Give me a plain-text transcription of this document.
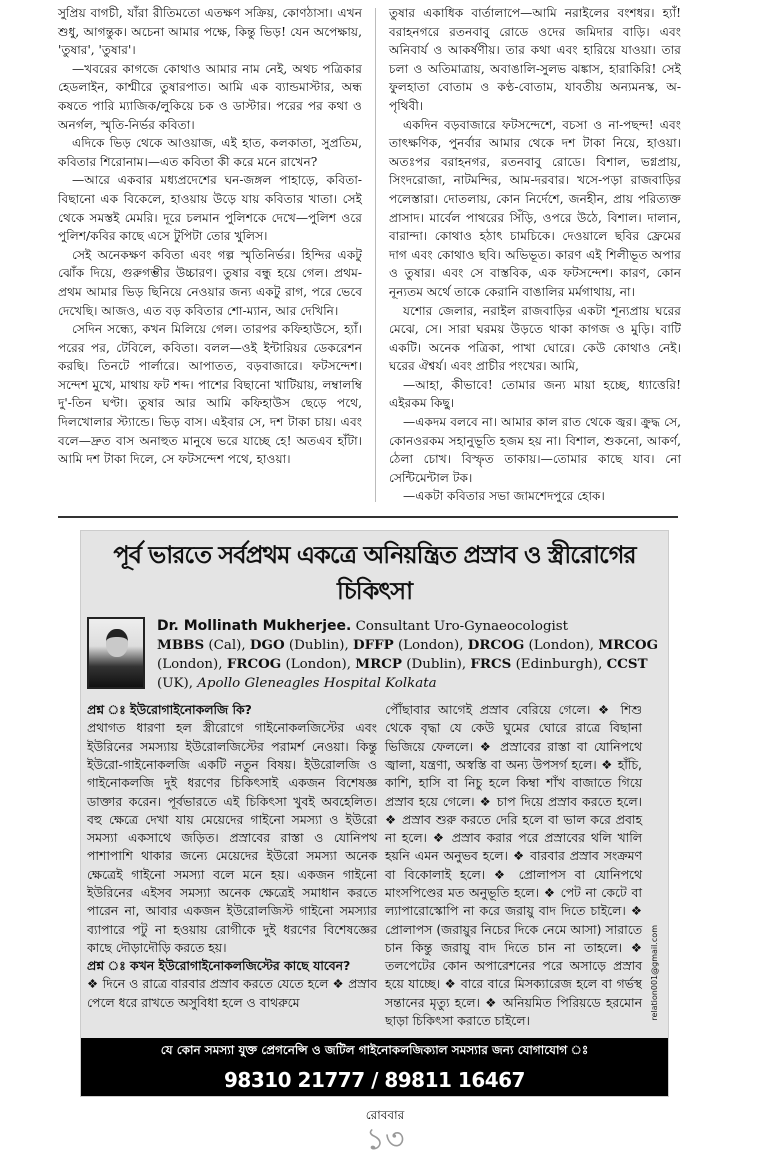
সুপ্রিয় বাগচী, যাঁরা রীতিমতো এতক্ষণ সক্রিয়, কোণঠাসা। এখন শুধু, আগন্তুক। অচেনা আমার পক্ষে, কিন্তু ভিড়! যেন অপেক্ষায়, 'তুষার', 'তুষার'।

—খবরের কাগজে কোথাও আমার নাম নেই, অথচ পত্রিকার হেডলাইন, কাশ্মীরে তুষারপাত। আমি এক ব্যান্ডমাস্টার, অন্ধ কষতে পারি ম্যাজিক/লুকিয়ে চক ও ডাস্টার। পরের পর কথা ও অনর্গল, স্মৃতি-নির্ভর কবিতা।

এদিকে ভিড় থেকে আওয়াজ, এই হাত, কলকাতা, সুপ্রতিম, কবিতার শিরোনাম।—এত কবিতা কী করে মনে রাখেন?

—আরে একবার মধ্যপ্রদেশের ঘন-জঙ্গল পাহাড়ে, কবিতা-বিছানো এক বিকেলে, হাওয়ায় উড়ে যায় কবিতার খাতা। সেই থেকে সমস্তই মেমরি। দূরে চলমান পুলিশকে দেখে—পুলিশ ওরে পুলিশ/কবির কাছে এসে টুপিটা তোর খুলিস।

সেই অনেকক্ষণ কবিতা এবং গল্প স্মৃতিনির্ভর। হিন্দির একটু ঝোঁক দিয়ে, গুরুগম্ভীর উচ্চারণ। তুষার বন্ধু হয়ে গেল। প্রথম-প্রথম আমার ভিড় ছিনিয়ে নেওয়ার জন্য একটু রাগ, পরে ভেবে দেখেছি। আজও, এত বড় কবিতার শো-ম্যান, আর দেখিনি।

সেদিন সন্ধ্যে, কখন মিলিয়ে গেল। তারপর কফিহাউসে, হ্যাঁ। পরের পর, টেবিলে, কবিতা। বলল—ওই ইন্টারিয়র ডেকরেশন করছি। তিনটে পার্লারে। আপাতত, বড়বাজারে। ফটসন্দেশ। সন্দেশ মুখে, মাথায় ফট শব্দ। পাশের বিছানো খাটিয়ায়, লম্বালম্বি দু'-তিন ঘণ্টা। তুষার আর আমি কফিহাউস ছেড়ে পথে, দিলখোলার স্ট্যান্ডে। ভিড় বাস। এইবার সে, দশ টাকা চায়। এবং বলে—দ্রুত বাস অনাহুত মানুষে ভরে যাচ্ছে হে! অতএব হাঁটা। আমি দশ টাকা দিলে, সে ফটসন্দেশ পথে, হাওয়া।

তুষার একাধিক বার্তালাপে—আমি নরাইলের বংশধর। হ্যাঁ! বরাহনগরে রতনবাবু রোডে ওদের জমিদার বাড়ি। এবং অনিবার্য ও আকর্ষণীয়। তার কথা এবং হারিয়ে যাওয়া। তার চলা ও অতিমাত্রায়, অবাঙালি-সুলভ ঝঙ্কাস, হারাকিরি! সেই ফুলহাতা বোতাম ও কণ্ঠ-বোতাম, যাবতীয় অন্যমনস্ক, অ-পৃথিবী।

একদিন বড়বাজারে ফটসন্দেশে, বচসা ও না-পছন্দ! এবং তাৎক্ষণিক, পুনর্বার আমার থেকে দশ টাকা নিয়ে, হাওয়া। অতঃপর বরাহনগর, রতনবাবু রোডে। বিশাল, ভগ্নপ্রায়, সিংদরোজা, নাটমন্দির, আম-দরবার। খসে-পড়া রাজবাড়ির পলেস্তারা। দোতলায়, কোন নির্দেশে, জনহীন, প্রায় পরিত্যক্ত প্রাসাদ। মার্বেল পাথরের সিঁড়ি, ওপরে উঠে, বিশাল। দালান, বারান্দা। কোথাও হঠাৎ চামচিকে। দেওয়ালে ছবির ফ্রেমের দাগ এবং কোথাও ছবি। অভিভূত। কারণ এই শিলীভূত অপার ও তুষার। এবং সে বাস্তবিক, এক ফটসন্দেশ। কারণ, কোন নূন্যতম অর্থে তাকে কেরানি বাঙালির মর্মগাথায়, না।

যশোর জেলার, নরাইল রাজবাড়ির একটা শূন্যপ্রায় ঘরের মেঝে, সে। সারা ঘরময় উড়তে থাকা কাগজ ও মুড়ি। বাটি একটি। অনেক পত্রিকা, পাখা ঘোরে। কেউ কোথাও নেই। ঘরের ঐশ্বর্য। এবং প্রাচীর পংখের। আমি,

—আহা, কীভাবে! তোমার জন্য মায়া হচ্ছে, ধ্যাত্তেরি! এইরকম কিছু।

—একদম বলবে না। আমার কাল রাত থেকে জ্বর। ক্রুদ্ধ সে, কোনওরকম সহানুভূতি হজম হয় না। বিশাল, শুকনো, আকর্ণ, ঠেলা চোখ। বিস্ফৃত তাকায়।—তোমার কাছে যাব। নো সেন্টিমেন্টাল টক।

—একটা কবিতার সভা জামশেদপুরে হোক।

পূর্ব ভারতে সর্বপ্রথম একত্রে অনিয়ন্ত্রিত প্রস্রাব ও স্ত্রীরোগের চিকিৎসা
Dr. Mollinath Mukherjee. Consultant Uro-Gynaeocologist
MBBS (Cal), DGO (Dublin), DFFP (London), DRCOG (London), MRCOG (London), FRCOG (London), MRCP (Dublin), FRCS (Edinburgh), CCST (UK), Apollo Gleneagles Hospital Kolkata
প্রশ্ন ঃ ইউরোগাইনোকলজি কি?

প্রথাগত ধারণা হল স্ত্রীরোগে গাইনোকলজিস্টের এবং ইউরিনের সমস্যায় ইউরোলজিস্টের পরামর্শ নেওয়া। কিন্তু ইউরো-গাইনোকলজি একটি নতুন বিষয়। ইউরোলজি ও গাইনোকলজি দুই ধরণের চিকিৎসাই একজন বিশেষজ্ঞ ডাক্তার করেন। পূর্বভারতে এই চিকিৎসা খুবই অবহেলিত। বহু ক্ষেত্রে দেখা যায় মেয়েদের গাইনো সমস্যা ও ইউরো সমস্যা একসাথে জড়িত। প্রস্রাবের রাস্তা ও যোনিপথ পাশাপাশি থাকার জন্যে মেয়েদের ইউরো সমস্যা অনেক ক্ষেত্রেই গাইনো সমস্যা বলে মনে হয়। একজন গাইনো ইউরিনের এইসব সমস্যা অনেক ক্ষেত্রেই সমাধান করতে পারেন না, আবার একজন ইউরোলজিস্ট গাইনো সমস্যার ব্যাপারে পটু না হওয়ায় রোগীকে দুই ধরণের বিশেষজ্ঞের কাছে দৌড়াদৌড়ি করতে হয়।

প্রশ্ন ঃ কখন ইউরোগাইনোকলজিস্টের কাছে যাবেন?

❖ দিনে ও রাত্রে বারবার প্রস্রাব করতে যেতে হলে ❖ প্রস্রাব পেলে ধরে রাখতে অসুবিধা হলে ও বাথরুমে

পৌঁছাবার আগেই প্রস্রাব বেরিয়ে গেলে। ❖ শিশু থেকে বৃদ্ধা যে কেউ ঘুমের ঘোরে রাত্রে বিছানা ভিজিয়ে ফেললে। ❖ প্রস্রাবের রাস্তা বা যোনিপথে জ্বালা, যন্ত্রণা, অস্বস্তি বা অন্য উপসর্গ হলে। ❖ হাঁচি, কাশি, হাসি বা নিচু হলে কিম্বা শাঁখ বাজাতে গিয়ে প্রস্রাব হয়ে গেলে। ❖ চাপ দিয়ে প্রস্রাব করতে হলে। ❖ প্রস্রাব শুরু করতে দেরি হলে বা ভাল করে প্রবাহ না হলে। ❖ প্রস্রাব করার পরে প্রস্রাবের থলি খালি হয়নি এমন অনুভব হলে। ❖ বারবার প্রস্রাব সংক্রমণ বা বিকোলাই হলে। ❖ প্রোলাপস বা যোনিপথে মাংসপিণ্ডের মত অনুভূতি হলে। ❖ পেট না কেটে বা ল্যাপারোস্কোপি না করে জরায়ু বাদ দিতে চাইলে। ❖ প্রোলাপস (জরায়ুর নিচের দিকে নেমে আসা) সারাতে চান কিন্তু জরায়ু বাদ দিতে চান না তাহলে। ❖ তলপেটের কোন অপারেশনের পরে অসাড়ে প্রস্রাব হয়ে যাচ্ছে। ❖ বারে বারে মিসক্যারেজ হলে বা গর্ভস্থ সন্তানের মৃত্যু হলে। ❖ অনিয়মিত পিরিয়ডে হরমোন ছাড়া চিকিৎসা করাতে চাইলে।

relation001@gmail.com
যে কোন সমস্যা যুক্ত প্রেগনেন্সি ও জটিল গাইনোকলজিক্যাল সমস্যার জন্য যোগাযোগ ঃ
98310 21777 / 89811 16467
রোববার
১৩
